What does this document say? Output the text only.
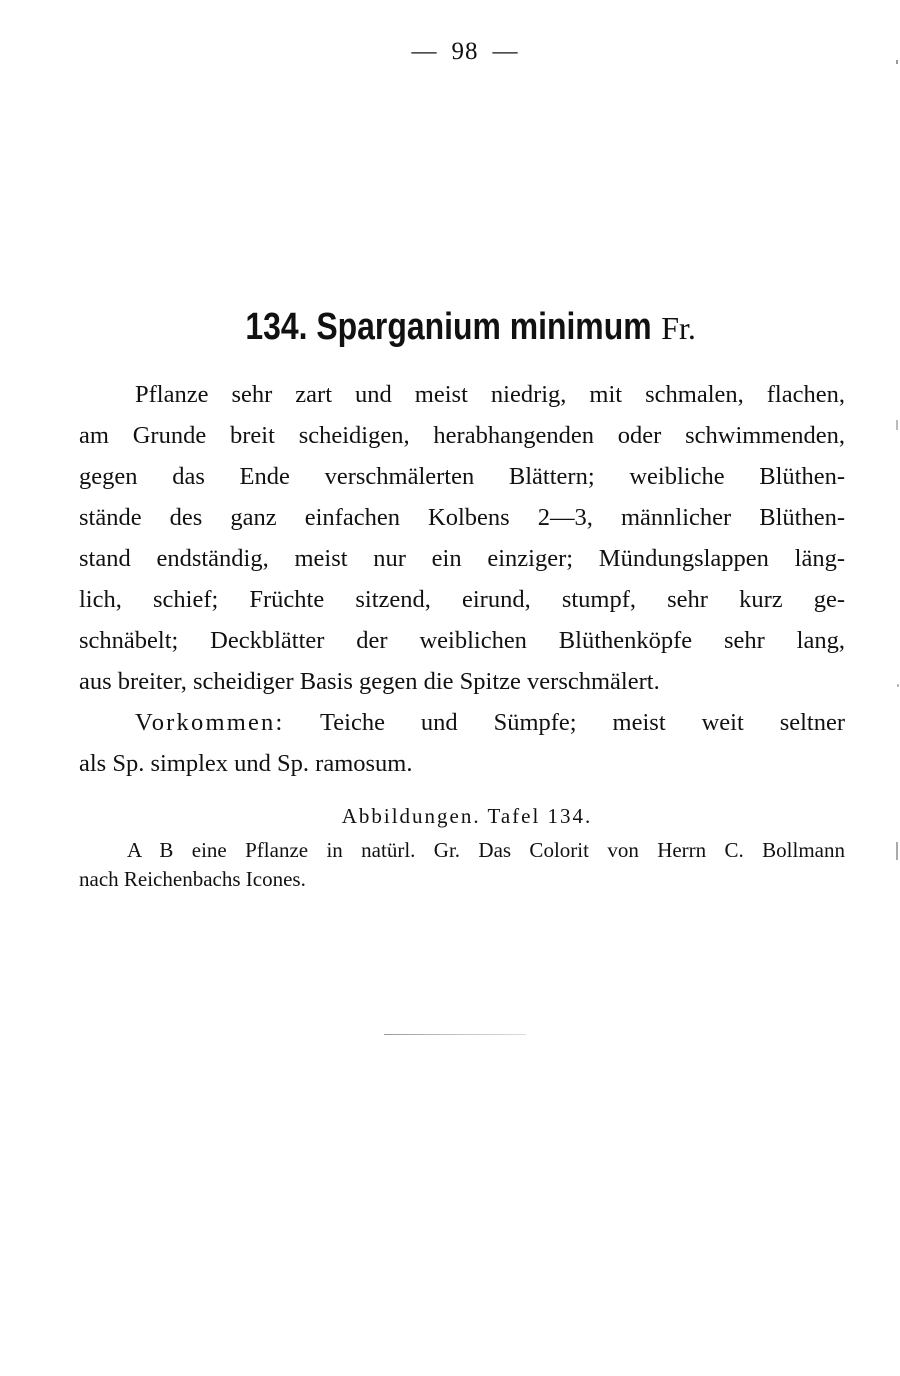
— 98 —
134. Sparganium minimum Fr.
Pflanze sehr zart und meist niedrig, mit schmalen, flachen,
am Grunde breit scheidigen, herabhangenden oder schwimmenden,
gegen das Ende verschmälerten Blättern; weibliche Blüthen-
stände des ganz einfachen Kolbens 2—3, männlicher Blüthen-
stand endständig, meist nur ein einziger; Mündungslappen läng-
lich, schief; Früchte sitzend, eirund, stumpf, sehr kurz ge-
schnäbelt; Deckblätter der weiblichen Blüthenköpfe sehr lang,
aus breiter, scheidiger Basis gegen die Spitze verschmälert.
Vorkommen: Teiche und Sümpfe; meist weit seltner
als Sp. simplex und Sp. ramosum.
Abbildungen. Tafel 134.
A B eine Pflanze in natürl. Gr. Das Colorit von Herrn C. Bollmann
nach Reichenbachs Icones.
